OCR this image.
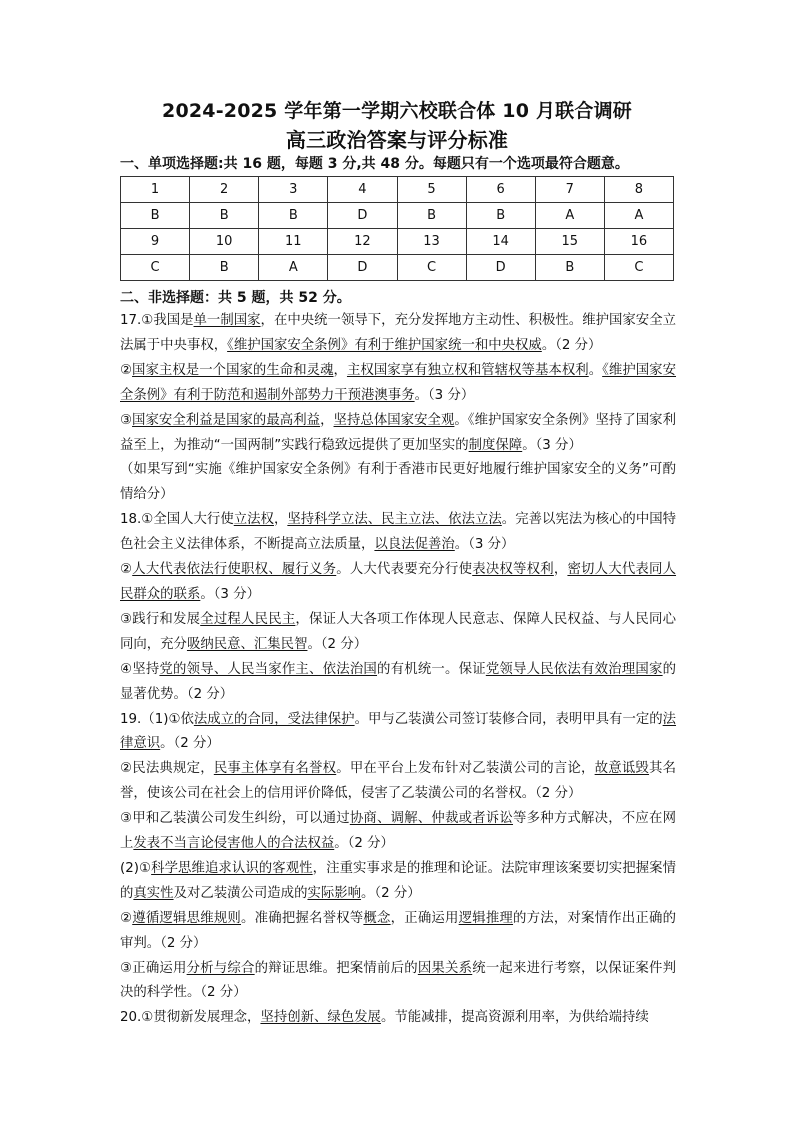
2024-2025 学年第一学期六校联合体 10 月联合调研
高三政治答案与评分标准
一、单项选择题:共 16 题，每题 3 分,共 48 分。每题只有一个选项最符合题意。
1	2	3	4	5	6	7	8
B	B	B	D	B	B	A	A
9	10	11	12	13	14	15	16
C	B	A	D	C	D	B	C
二、非选择题：共 5 题，共 52 分。

17.①我国是单一制国家，在中央统一领导下，充分发挥地方主动性、积极性。维护国家安全立法属于中央事权，《维护国家安全条例》有利于维护国家统一和中央权威。（2 分）

②国家主权是一个国家的生命和灵魂，主权国家享有独立权和管辖权等基本权利。《维护国家安全条例》有利于防范和遏制外部势力干预港澳事务。（3 分）

③国家安全利益是国家的最高利益，坚持总体国家安全观。《维护国家安全条例》坚持了国家利益至上，为推动“一国两制”实践行稳致远提供了更加坚实的制度保障。（3 分）

（如果写到“实施《维护国家安全条例》有利于香港市民更好地履行维护国家安全的义务”可酌情给分）

18.①全国人大行使立法权，坚持科学立法、民主立法、依法立法。完善以宪法为核心的中国特色社会主义法律体系，不断提高立法质量，以良法促善治。（3 分）

②人大代表依法行使职权、履行义务。人大代表要充分行使表决权等权利，密切人大代表同人民群众的联系。（3 分）

③践行和发展全过程人民民主，保证人大各项工作体现人民意志、保障人民权益、与人民同心同向，充分吸纳民意、汇集民智。（2 分）

④坚持党的领导、人民当家作主、依法治国的有机统一。保证党领导人民依法有效治理国家的显著优势。（2 分）

19.（1)①依法成立的合同，受法律保护。甲与乙装潢公司签订装修合同，表明甲具有一定的法律意识。（2 分）

②民法典规定，民事主体享有名誉权。甲在平台上发布针对乙装潢公司的言论，故意诋毁其名誉，使该公司在社会上的信用评价降低，侵害了乙装潢公司的名誉权。（2 分）

③甲和乙装潢公司发生纠纷，可以通过协商、调解、仲裁或者诉讼等多种方式解决，不应在网上发表不当言论侵害他人的合法权益。（2 分）

(2)①科学思维追求认识的客观性，注重实事求是的推理和论证。法院审理该案要切实把握案情的真实性及对乙装潢公司造成的实际影响。（2 分）

②遵循逻辑思维规则。准确把握名誉权等概念，正确运用逻辑推理的方法，对案情作出正确的审判。（2 分）

③正确运用分析与综合的辩证思维。把案情前后的因果关系统一起来进行考察，以保证案件判决的科学性。（2 分）

20.①贯彻新发展理念，坚持创新、绿色发展。节能减排，提高资源利用率，为供给端持续
